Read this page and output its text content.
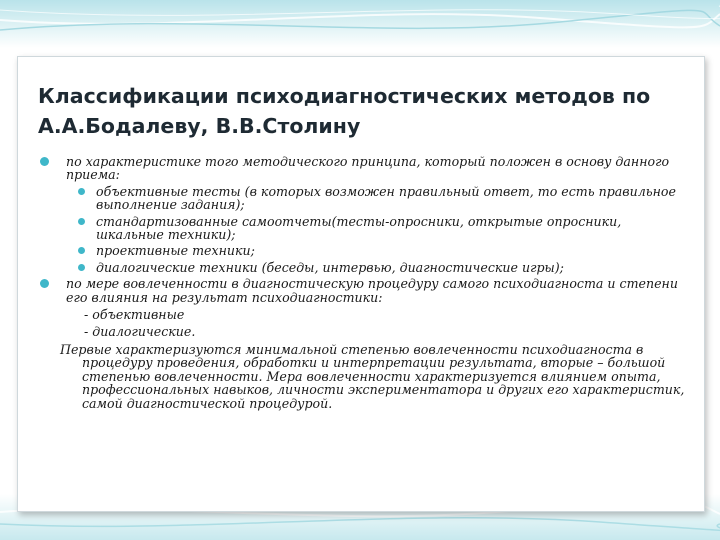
Классификации психодиагностических методов по
А.А.Бодалеву, В.В.Столину
по характеристике того методического принципа, который положен в основу данного приема:
объективные тесты (в которых возможен правильный ответ, то есть правильное выполнение задания);
стандартизованные самоотчеты(тесты-опросники, открытые опросники, шкальные техники);
проективные техники;
диалогические техники (беседы, интервью, диагностические игры);
по мере вовлеченности в диагностическую процедуру самого психодиагноста и степени его влияния на результат психодиагностики:
- объективные
- диалогические.
Первые характеризуются минимальной степенью вовлеченности психодиагноста в процедуру проведения, обработки и интерпретации результата, вторые – большой степенью вовлеченности. Мера вовлеченности характеризуется влиянием опыта, профессиональных навыков, личности экспериментатора и других его характеристик, самой диагностической процедурой.
